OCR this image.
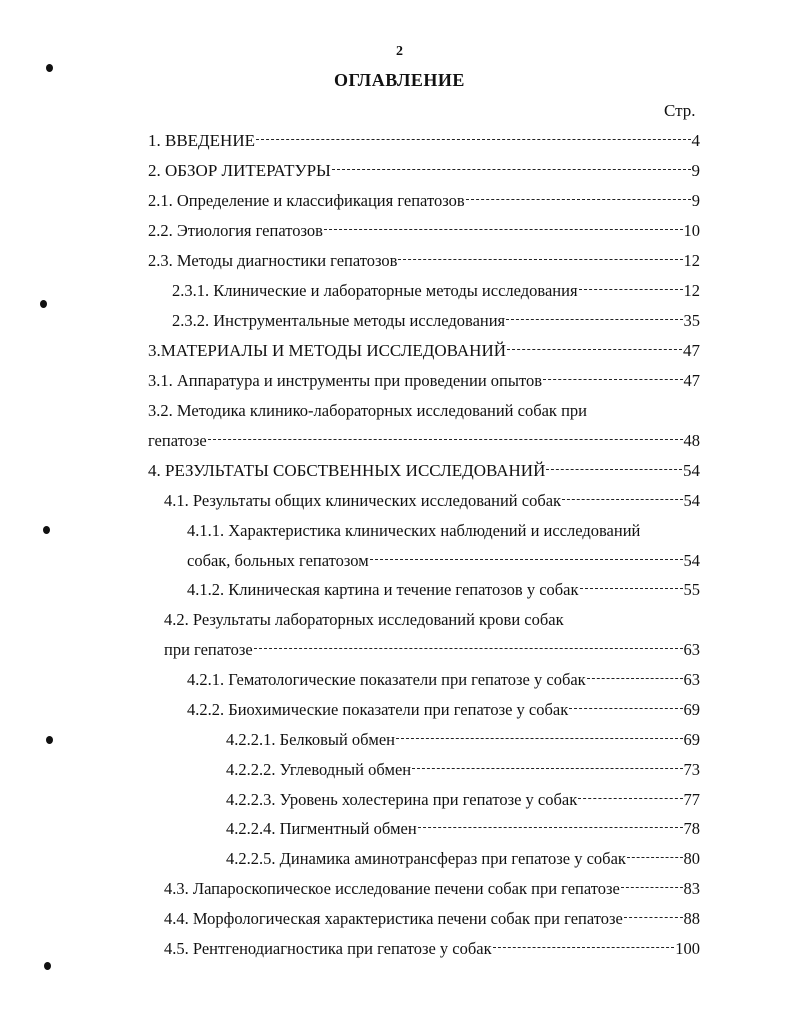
2
ОГЛАВЛЕНИЕ
Стр.
1. ВВЕДЕНИЕ	4
2. ОБЗОР ЛИТЕРАТУРЫ	9
2.1. Определение и классификация гепатозов	9
2.2. Этиология гепатозов	10
2.3. Методы диагностики гепатозов	12
2.3.1. Клинические и лабораторные методы исследования	12
2.3.2. Инструментальные методы исследования	35
3.МАТЕРИАЛЫ И МЕТОДЫ ИССЛЕДОВАНИЙ	47
3.1. Аппаратура и инструменты при проведении опытов	47
3.2. Методика клинико-лабораторных исследований собак при
гепатозе	48
4. РЕЗУЛЬТАТЫ СОБСТВЕННЫХ ИССЛЕДОВАНИЙ	54
4.1. Результаты общих клинических исследований собак	54
4.1.1. Характеристика клинических наблюдений и исследований
собак, больных гепатозом	54
4.1.2. Клиническая картина и течение гепатозов у собак	55
4.2. Результаты лабораторных исследований крови собак
при гепатозе	63
4.2.1. Гематологические показатели при гепатозе у собак	63
4.2.2. Биохимические показатели при гепатозе у собак	69
4.2.2.1. Белковый обмен	69
4.2.2.2. Углеводный обмен	73
4.2.2.3. Уровень холестерина при гепатозе у собак	77
4.2.2.4. Пигментный обмен	78
4.2.2.5. Динамика аминотрансфераз при гепатозе у собак	80
4.3. Лапароскопическое исследование печени собак при гепатозе	83
4.4. Морфологическая характеристика печени собак при гепатозе	88
4.5. Рентгенодиагностика при гепатозе у собак	100
